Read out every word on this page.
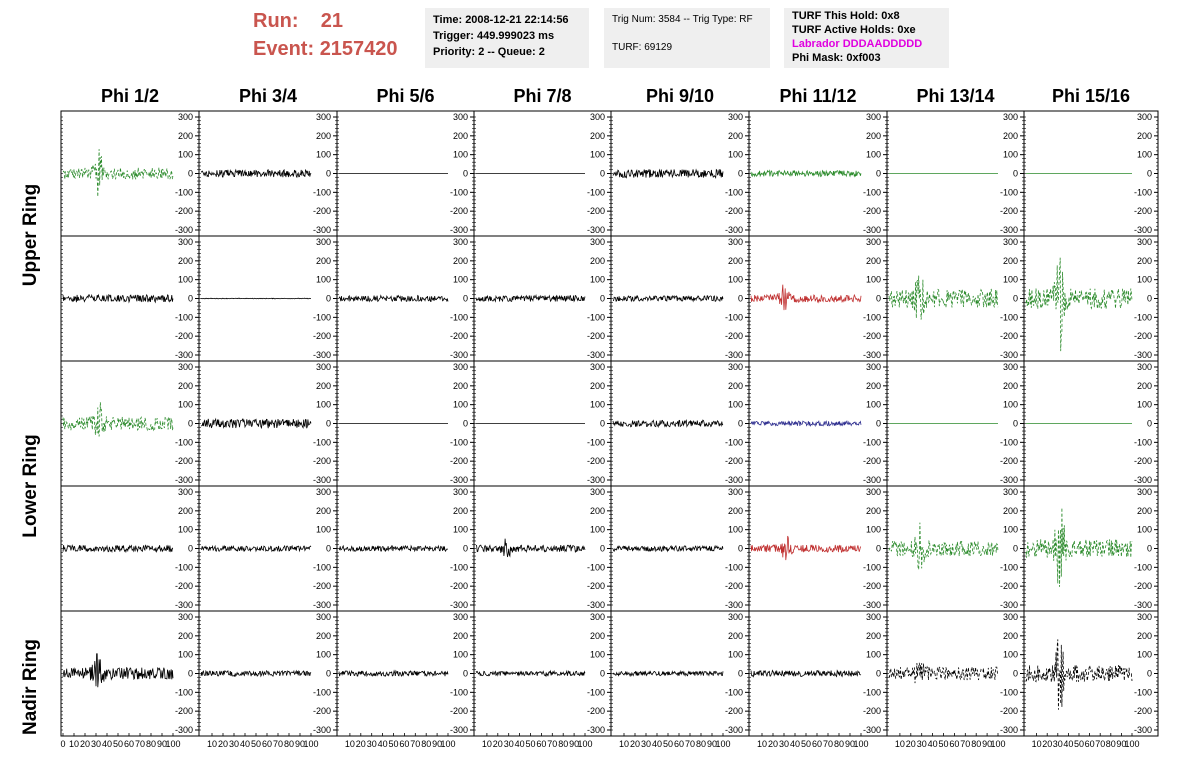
Run: 21
Event: 2157420
Time: 2008-12-21 22:14:56
Trigger: 449.999023 ms
Priority: 2 -- Queue: 2
Trig Num: 3584 -- Trig Type: RF
TURF: 69129
TURF This Hold: 0x8
TURF Active Holds: 0xe
Labrador DDDAADDDDD
Phi Mask: 0xf003
Phi 1/2	Phi 3/4	Phi 5/6	Phi 7/8	Phi 9/10	Phi 11/12	Phi 13/14	Phi 15/16
Upper Ring
Lower Ring
Nadir Ring
-300
-200
-100
0
100
200
300
-300
-200
-100
0
100
200
300
-300
-200
-100
0
100
200
300
-300
-200
-100
0
100
200
300
-300
-200
-100
0
100
200
300
-300
-200
-100
0
100
200
300
-300
-200
-100
0
100
200
300
-300
-200
-100
0
100
200
300
-300
-200
-100
0
100
200
300
-300
-200
-100
0
100
200
300
-300
-200
-100
0
100
200
300
-300
-200
-100
0
100
200
300
-300
-200
-100
0
100
200
300
-300
-200
-100
0
100
200
300
-300
-200
-100
0
100
200
300
-300
-200
-100
0
100
200
300
-300
-200
-100
0
100
200
300
-300
-200
-100
0
100
200
300
-300
-200
-100
0
100
200
300
-300
-200
-100
0
100
200
300
-300
-200
-100
0
100
200
300
-300
-200
-100
0
100
200
300
-300
-200
-100
0
100
200
300
-300
-200
-100
0
100
200
300
-300
-200
-100
0
100
200
300
-300
-200
-100
0
100
200
300
-300
-200
-100
0
100
200
300
-300
-200
-100
0
100
200
300
-300
-200
-100
0
100
200
300
-300
-200
-100
0
100
200
300
-300
-200
-100
0
100
200
300
-300
-200
-100
0
100
200
300
-300
-200
-100
0
100
200
300
-300
-200
-100
0
100
200
300
-300
-200
-100
0
100
200
300
-300
-200
-100
0
100
200
300
-300
-200
-100
0
100
200
300
-300
-200
-100
0
100
200
300
-300
-200
-100
0
100
200
300
-300
-200
-100
0
100
200
300
0 10 20 30 40 50 60 70 80 90
100	10 20 30 40 50 60 70 80 90
100	10 20 30 40 50 60 70 80 90
100	10 20 30 40 50 60 70 80 90
100	10 20 30 40 50 60 70 80 90
100	10 20 30 40 50 60 70 80 90
100	10 20 30 40 50 60 70 80 90
100	10 20 30 40 50 60 70 80 90
100
